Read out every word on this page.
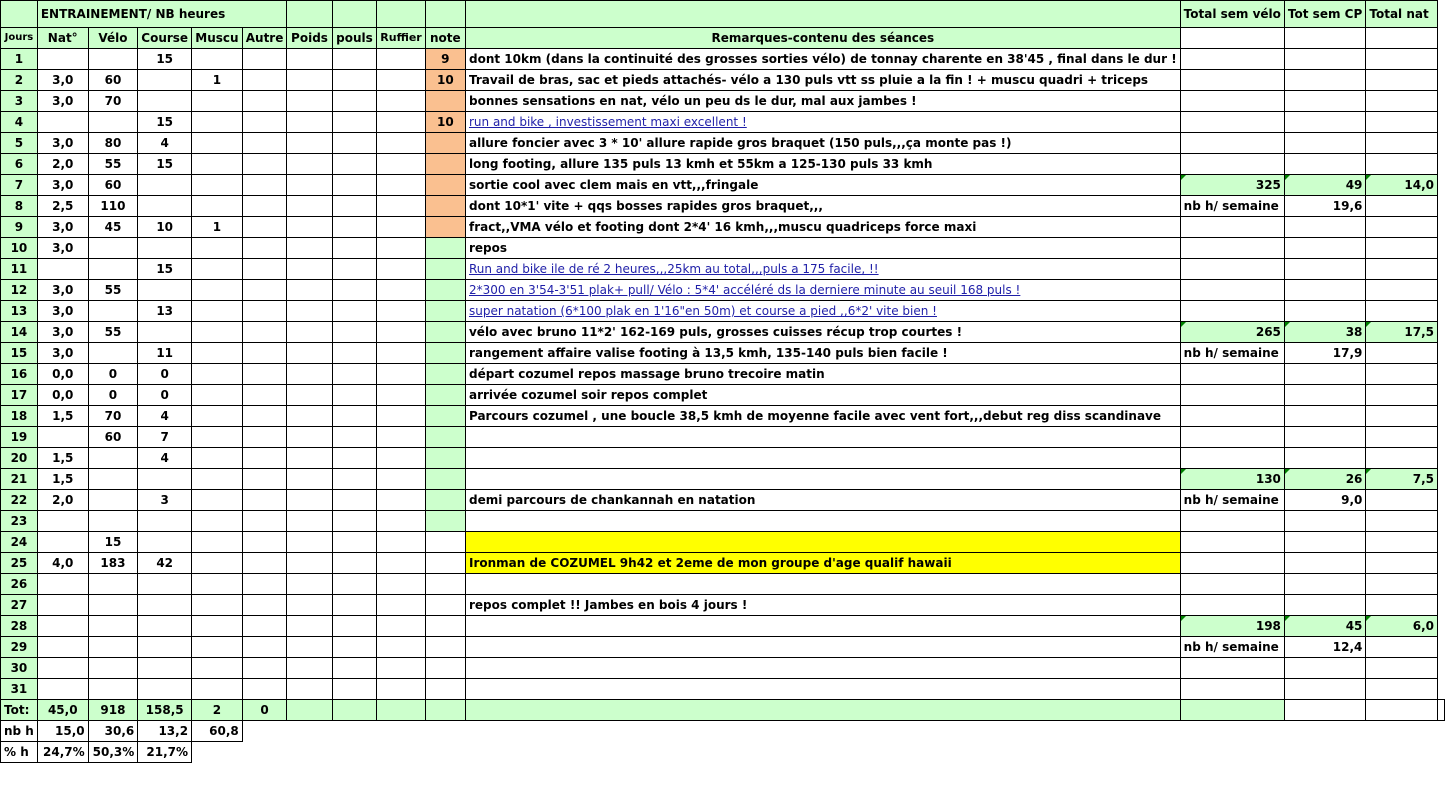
	ENTRAINEMENT/ NB heures										Total sem vélo	Tot sem CP	Total nat	
Jours	Nat°	Vélo	Course	Muscu	Autre	Poids	pouls	Ruffier	note	Remarques-contenu des séances				
1			15						9	dont 10km (dans la continuité des grosses sorties vélo) de tonnay charente en 38'45 , final dans le dur !				
2	3,0	60		1					10	Travail de bras, sac et pieds attachés- vélo a 130 puls vtt ss pluie a la fin ! + muscu quadri + triceps				
3	3,0	70								bonnes sensations en nat, vélo un peu ds le dur, mal aux jambes !				
4			15						10	run and bike , investissement maxi excellent !				
5	3,0	80	4							allure foncier avec 3 * 10' allure rapide gros braquet (150 puls,,,ça monte pas !)				
6	2,0	55	15							long footing, allure 135 puls 13 kmh et 55km a 125-130 puls 33 kmh				
7	3,0	60								sortie cool avec clem mais en vtt,,,fringale	325	49	14,0	
8	2,5	110								dont 10*1' vite + qqs bosses rapides gros braquet,,,	nb h/ semaine	19,6		
9	3,0	45	10	1						fract,,VMA vélo et footing dont 2*4' 16 kmh,,,muscu quadriceps force maxi				
10	3,0									repos				
11			15							Run and bike ile de ré 2 heures,,,25km au total,,,puls a 175 facile, !!				
12	3,0	55								2*300 en 3'54-3'51 plak+ pull/ Vélo : 5*4' accéléré ds la derniere minute au seuil 168 puls !				
13	3,0		13							super natation (6*100 plak en 1'16"en 50m) et course a pied ,,6*2' vite bien !				
14	3,0	55								vélo avec bruno 11*2' 162-169 puls, grosses cuisses récup trop courtes !	265	38	17,5	
15	3,0		11							rangement affaire valise footing à 13,5 kmh, 135-140 puls bien facile !	nb h/ semaine	17,9		
16	0,0	0	0							départ cozumel repos massage bruno trecoire matin				
17	0,0	0	0							arrivée cozumel soir repos complet				
18	1,5	70	4							Parcours cozumel , une boucle 38,5 kmh de moyenne facile avec vent fort,,,debut reg diss scandinave				
19		60	7											
20	1,5		4											
21	1,5										130	26	7,5	
22	2,0		3							demi parcours de chankannah en natation	nb h/ semaine	9,0		
23														
24		15												
25	4,0	183	42							Ironman de COZUMEL 9h42 et 2eme de mon groupe d'age qualif hawaii				
26														
27										repos complet !! Jambes en bois 4 jours !				
28											198	45	6,0	
29											nb h/ semaine	12,4		
30														
31														
Tot:	45,0	918	158,5	2	0									
nb h	15,0	30,6	13,2	60,8										
% h	24,7%	50,3%	21,7%											
